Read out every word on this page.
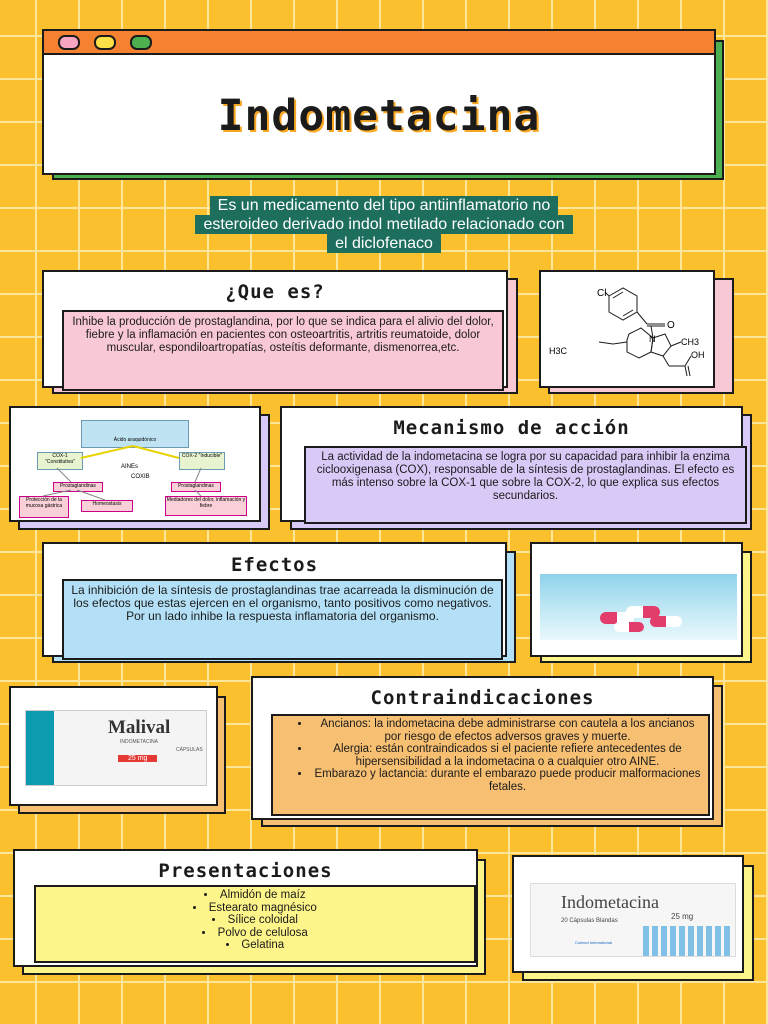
Indometacina
Es un medicamento del tipo antiinflamatorio no
esteroideo derivado indol metilado relacionado con
el diclofenaco
¿Que es?
Inhibe la producción de prostaglandina, por lo que se indica para el alivio del dolor, fiebre y la inflamación en pacientes con osteoartritis, artritis reumatoide, dolor muscular, espondiloartropatías, osteítis deformante, dismenorrea,etc.
Cl
O
N	CH3
H3C	OH
Ácido araquidónico
COX-1 "Constitutiva"
COX-2 "Inducible"
AINEs
COXIB
Prostaglandinas	Prostaglandinas
Protección de la mucosa gástrica	Homeostasis
Mediadores del dolor, inflamación y fiebre
Mecanismo de acción
La actividad de la indometacina se logra por su capacidad para inhibir la enzima ciclooxigenasa (COX), responsable de la síntesis de prostaglandinas. El efecto es más intenso sobre la COX-1 que sobre la COX-2, lo que explica sus efectos secundarios.
Efectos
La inhibición de la síntesis de prostaglandinas trae acarreada la disminución de los efectos que estas ejercen en el organismo, tanto positivos como negativos. Por un lado inhibe la respuesta inflamatoria del organismo.
Malival
INDOMETACINA
CÁPSULAS
25 mg
Contraindicaciones
• Ancianos: la indometacina debe administrarse con cautela a los ancianos por riesgo de efectos adversos graves y muerte.
• Alergia: están contraindicados si el paciente refiere antecedentes de hipersensibilidad a la indometacina o a cualquier otro AINE.
• Embarazo y lactancia: durante el embarazo puede producir malformaciones fetales.
Presentaciones
• Almidón de maíz
• Estearato magnésico
• Sílice coloidal
• Polvo de celulosa
• Gelatina
Indometacina
25 mg
20 Cápsulas Blandas
Colmed International
